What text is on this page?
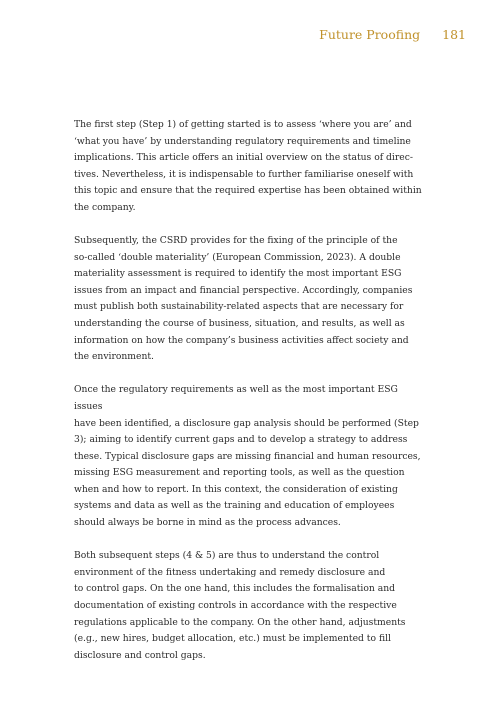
Future Proofing 181

The first step (Step 1) of getting started is to assess ‘where you are’ and
‘what you have’ by understanding regulatory requirements and timeline
implications. This article offers an initial overview on the status of direc-
tives. Nevertheless, it is indispensable to further familiarise oneself with
this topic and ensure that the required expertise has been obtained within
the company.

Subsequently, the CSRD provides for the fixing of the principle of the
so-called ‘double materiality’ (European Commission, 2023). A double
materiality assessment is required to identify the most important ESG
issues from an impact and financial perspective. Accordingly, companies
must publish both sustainability-related aspects that are necessary for
understanding the course of business, situation, and results, as well as
information on how the company’s business activities affect society and
the environment.

Once the regulatory requirements as well as the most important ESG issues
have been identified, a disclosure gap analysis should be performed (Step
3); aiming to identify current gaps and to develop a strategy to address
these. Typical disclosure gaps are missing financial and human resources,
missing ESG measurement and reporting tools, as well as the question
when and how to report. In this context, the consideration of existing
systems and data as well as the training and education of employees
should always be borne in mind as the process advances.

Both subsequent steps (4 & 5) are thus to understand the control
environment of the fitness undertaking and remedy disclosure and
to control gaps. On the one hand, this includes the formalisation and
documentation of existing controls in accordance with the respective
regulations applicable to the company. On the other hand, adjustments
(e.g., new hires, budget allocation, etc.) must be implemented to fill
disclosure and control gaps.
